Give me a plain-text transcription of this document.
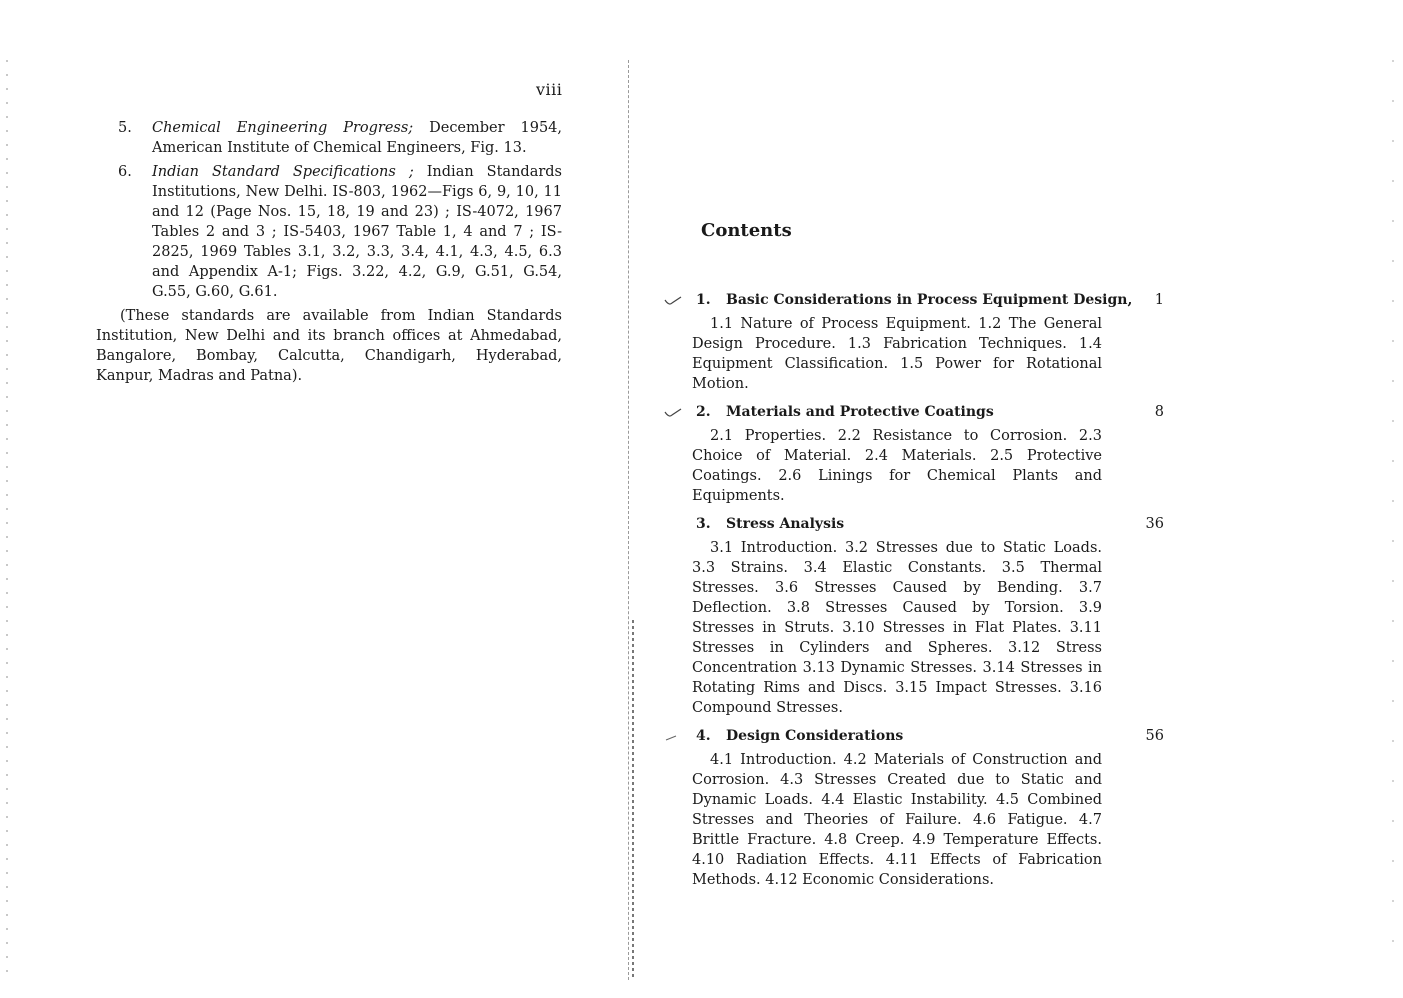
viii
5. Chemical Engineering Progress; December 1954, American Institute of Chemical Engineers, Fig. 13.
6. Indian Standard Specifications ; Indian Standards Institutions, New Delhi. IS-803, 1962—Figs 6, 9, 10, 11 and 12 (Page Nos. 15, 18, 19 and 23) ; IS-4072, 1967 Tables 2 and 3 ; IS-5403, 1967 Table 1, 4 and 7 ; IS-2825, 1969 Tables 3.1, 3.2, 3.3, 3.4, 4.1, 4.3, 4.5, 6.3 and Appendix A-1; Figs. 3.22, 4.2, G.9, G.51, G.54, G.55, G.60, G.61.
(These standards are available from Indian Standards Institution, New Delhi and its branch offices at Ahmedabad, Bangalore, Bombay, Calcutta, Chandigarh, Hyderabad, Kanpur, Madras and Patna).
Contents
1. Basic Considerations in Process Equipment Design, 1
1.1 Nature of Process Equipment. 1.2 The General Design Procedure. 1.3 Fabrication Techniques. 1.4 Equipment Classification. 1.5 Power for Rotational Motion.
2. Materials and Protective Coatings	8
2.1 Properties. 2.2 Resistance to Corrosion. 2.3 Choice of Material. 2.4 Materials. 2.5 Protective Coatings. 2.6 Linings for Chemical Plants and Equipments.
3. Stress Analysis	36
3.1 Introduction. 3.2 Stresses due to Static Loads. 3.3 Strains. 3.4 Elastic Constants. 3.5 Thermal Stresses. 3.6 Stresses Caused by Bending. 3.7 Deflection. 3.8 Stresses Caused by Torsion. 3.9 Stresses in Struts. 3.10 Stresses in Flat Plates. 3.11 Stresses in Cylinders and Spheres. 3.12 Stress Concentration 3.13 Dynamic Stresses. 3.14 Stresses in Rotating Rims and Discs. 3.15 Impact Stresses. 3.16 Compound Stresses.
4. Design Considerations	56
4.1 Introduction. 4.2 Materials of Construction and Corrosion. 4.3 Stresses Created due to Static and Dynamic Loads. 4.4 Elastic Instability. 4.5 Combined Stresses and Theories of Failure. 4.6 Fatigue. 4.7 Brittle Fracture. 4.8 Creep. 4.9 Temperature Effects. 4.10 Radiation Effects. 4.11 Effects of Fabrication Methods. 4.12 Economic Considerations.
